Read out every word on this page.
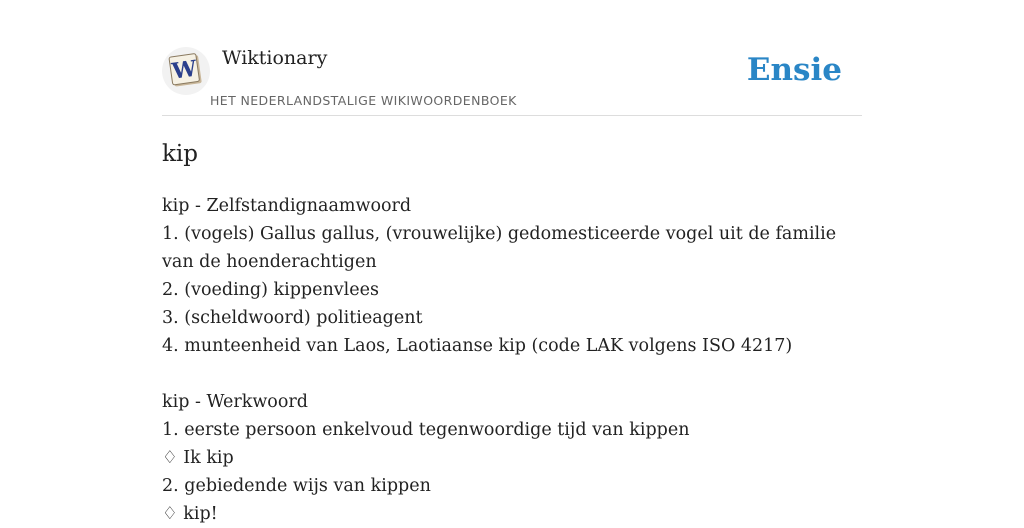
W Wiktionary
HET NEDERLANDSTALIGE WIKIWOORDENBOEK
Ensie
kip
kip - Zelfstandignaamwoord
1. (vogels) Gallus gallus, (vrouwelijke) gedomesticeerde vogel uit de familie van de hoenderachtigen
2. (voeding) kippenvlees
3. (scheldwoord) politieagent
4. munteenheid van Laos, Laotiaanse kip (code LAK volgens ISO 4217)
kip - Werkwoord
1. eerste persoon enkelvoud tegenwoordige tijd van kippen
♢ Ik kip
2. gebiedende wijs van kippen
♢ kip!
